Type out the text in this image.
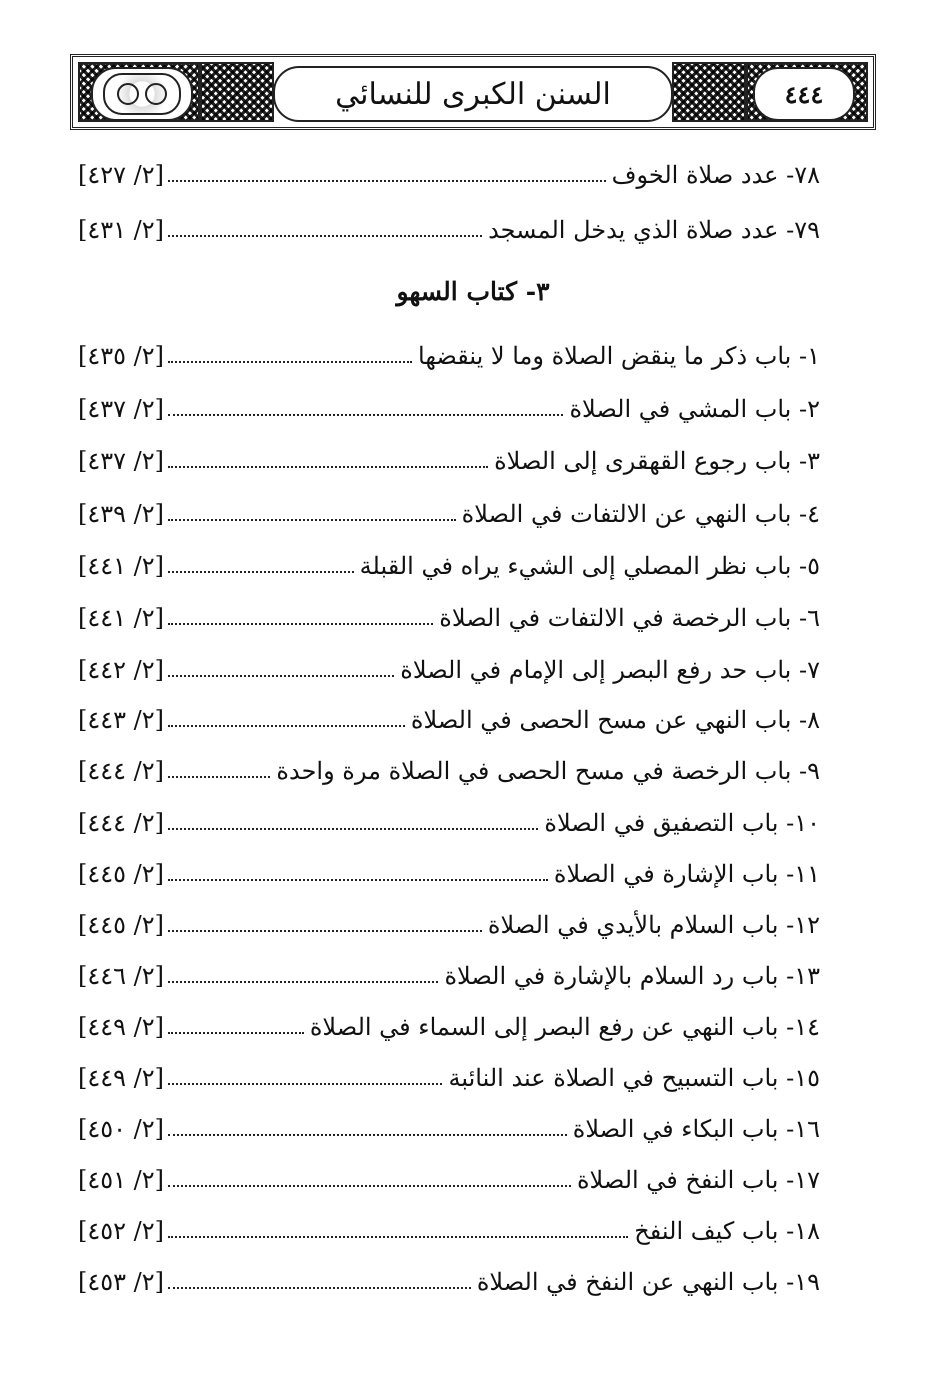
السنن الكبرى للنسائي	٤٤٤
٧٨- عدد صلاة الخوف
[٢/ ٤٢٧]
٧٩- عدد صلاة الذي يدخل المسجد
[٢/ ٤٣١]
٣- كتاب السهو
١- باب ذكر ما ينقض الصلاة وما لا ينقضها
[٢/ ٤٣٥]
٢- باب المشي في الصلاة
[٢/ ٤٣٧]
٣- باب رجوع القهقرى إلى الصلاة
[٢/ ٤٣٧]
٤- باب النهي عن الالتفات في الصلاة
[٢/ ٤٣٩]
٥- باب نظر المصلي إلى الشيء يراه في القبلة
[٢/ ٤٤١]
٦- باب الرخصة في الالتفات في الصلاة
[٢/ ٤٤١]
٧- باب حد رفع البصر إلى الإمام في الصلاة
[٢/ ٤٤٢]
٨- باب النهي عن مسح الحصى في الصلاة
[٢/ ٤٤٣]
٩- باب الرخصة في مسح الحصى في الصلاة مرة واحدة
[٢/ ٤٤٤]
١٠- باب التصفيق في الصلاة
[٢/ ٤٤٤]
١١- باب الإشارة في الصلاة
[٢/ ٤٤٥]
١٢- باب السلام بالأيدي في الصلاة
[٢/ ٤٤٥]
١٣- باب رد السلام بالإشارة في الصلاة
[٢/ ٤٤٦]
١٤- باب النهي عن رفع البصر إلى السماء في الصلاة
[٢/ ٤٤٩]
١٥- باب التسبيح في الصلاة عند النائبة
[٢/ ٤٤٩]
١٦- باب البكاء في الصلاة
[٢/ ٤٥٠]
١٧- باب النفخ في الصلاة
[٢/ ٤٥١]
١٨- باب كيف النفخ
[٢/ ٤٥٢]
١٩- باب النهي عن النفخ في الصلاة
[٢/ ٤٥٣]
